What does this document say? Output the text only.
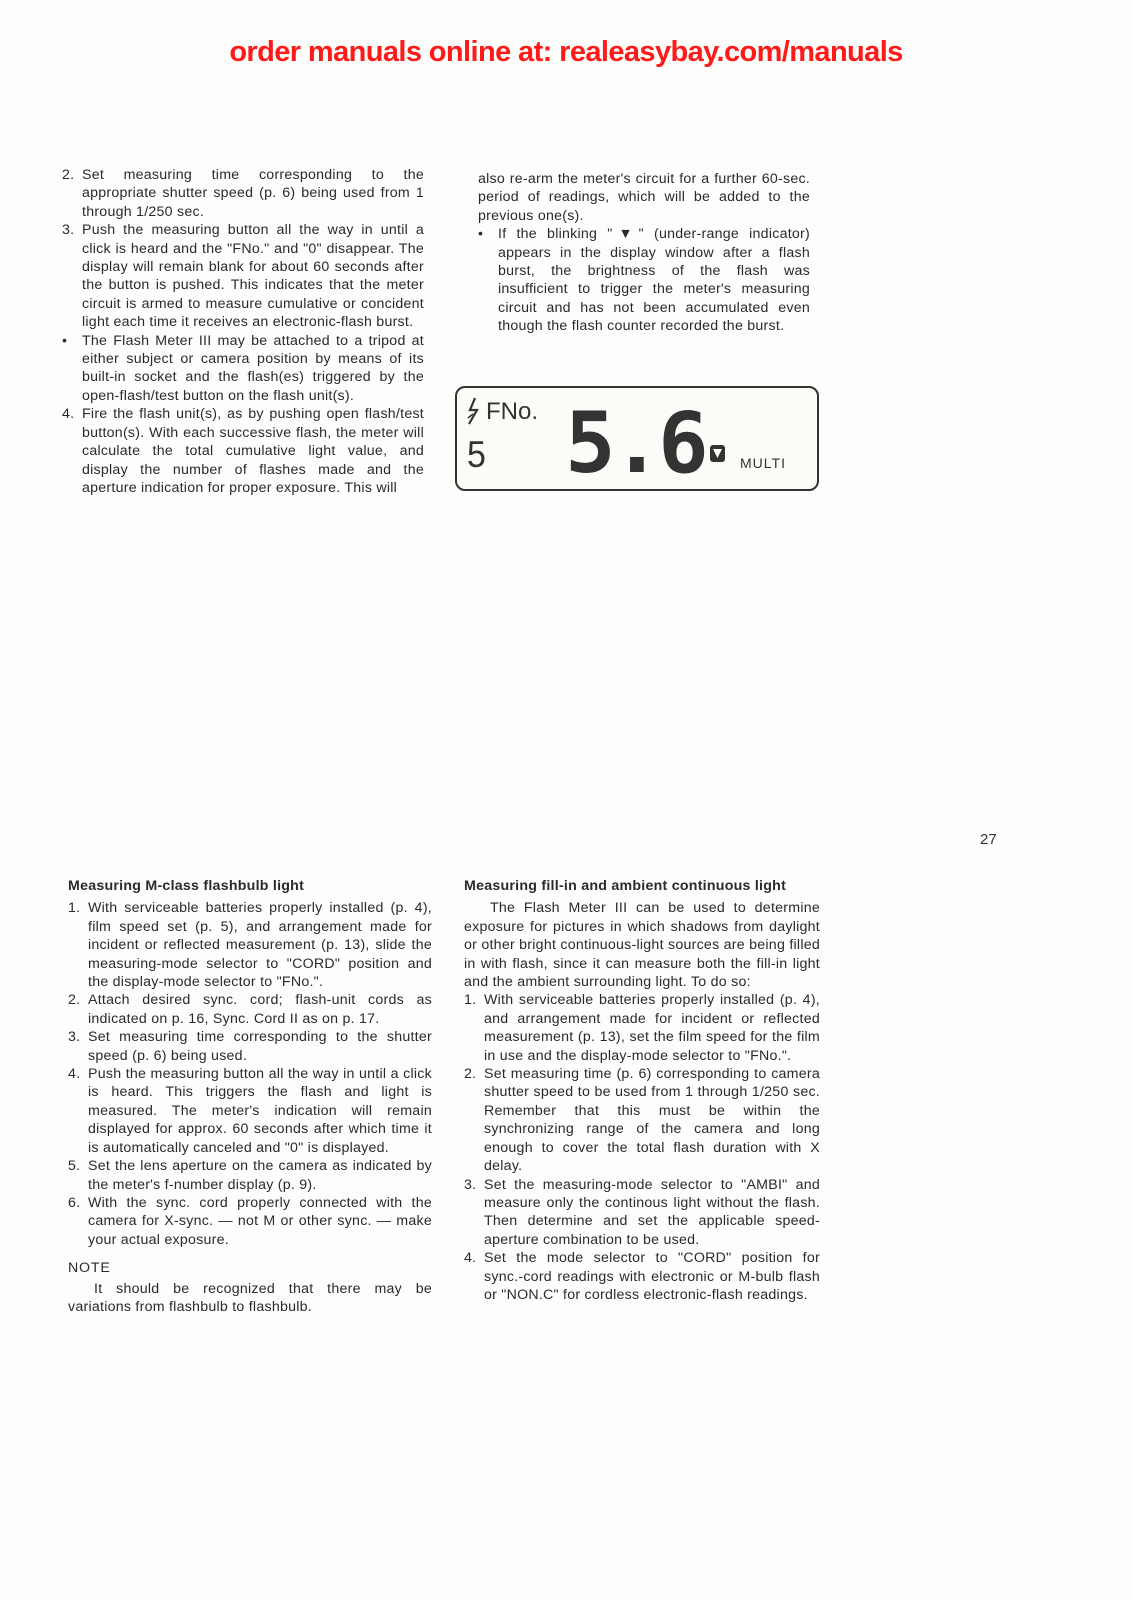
order manuals online at: realeasybay.com/manuals
2. Set measuring time corresponding to the appropriate shutter speed (p. 6) being used from 1 through 1/250 sec.
3. Push the measuring button all the way in until a click is heard and the "FNo." and "0" disappear. The display will remain blank for about 60 seconds after the button is pushed. This indicates that the meter circuit is armed to measure cumulative or concident light each time it receives an electronic-flash burst.
• The Flash Meter III may be attached to a tripod at either subject or camera position by means of its built-in socket and the flash(es) triggered by the open-flash/test button on the flash unit(s).
4. Fire the flash unit(s), as by pushing open flash/test button(s). With each successive flash, the meter will calculate the total cumulative light value, and display the number of flashes made and the aperture indication for proper exposure. This will
also re-arm the meter's circuit for a further 60-sec. period of readings, which will be added to the previous one(s).
• If the blinking "▼" (under-range indicator) appears in the display window after a flash burst, the brightness of the flash was insufficient to trigger the meter's measuring circuit and has not been accumulated even though the flash counter recorded the burst.
FNo.
5 5.6	MULTI
27
Measuring M-class flashbulb light
1. With serviceable batteries properly installed (p. 4), film speed set (p. 5), and arrangement made for incident or reflected measurement (p. 13), slide the measuring-mode selector to "CORD" position and the display-mode selector to "FNo.".
2. Attach desired sync. cord; flash-unit cords as indicated on p. 16, Sync. Cord II as on p. 17.
3. Set measuring time corresponding to the shutter speed (p. 6) being used.
4. Push the measuring button all the way in until a click is heard. This triggers the flash and light is measured. The meter's indication will remain displayed for approx. 60 seconds after which time it is automatically canceled and "0" is displayed.
5. Set the lens aperture on the camera as indicated by the meter's f-number display (p. 9).
6. With the sync. cord properly connected with the camera for X-sync. — not M or other sync. — make your actual exposure.
NOTE
It should be recognized that there may be variations from flashbulb to flashbulb.
Measuring fill-in and ambient continuous light
The Flash Meter III can be used to determine exposure for pictures in which shadows from daylight or other bright continuous-light sources are being filled in with flash, since it can measure both the fill-in light and the ambient surrounding light. To do so:
1. With serviceable batteries properly installed (p. 4), and arrangement made for incident or reflected measurement (p. 13), set the film speed for the film in use and the display-mode selector to "FNo.".
2. Set measuring time (p. 6) corresponding to camera shutter speed to be used from 1 through 1/250 sec. Remember that this must be within the synchronizing range of the camera and long enough to cover the total flash duration with X delay.
3. Set the measuring-mode selector to "AMBI" and measure only the continous light without the flash. Then determine and set the applicable speed-aperture combination to be used.
4. Set the mode selector to "CORD" position for sync.-cord readings with electronic or M-bulb flash or "NON.C" for cordless electronic-flash readings.
